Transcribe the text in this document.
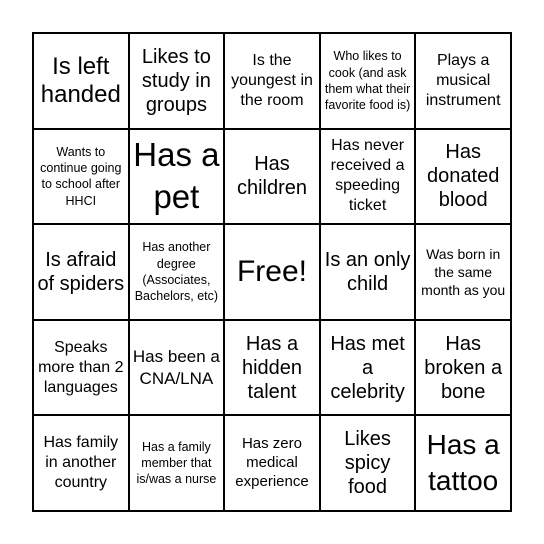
Is left handed
Likes to study in groups
Is the youngest in the room
Who likes to cook (and ask them what their favorite food is)
Plays a musical instrument
Wants to continue going to school after HHCI
Has a pet
Has children
Has never received a speeding ticket
Has donated blood
Is afraid of spiders
Has another degree (Associates, Bachelors, etc)
Free! Is an only child
Was born in the same month as you
Speaks more than 2 languages
Has been a CNA/LNA
Has a hidden talent
Has met a celebrity
Has broken a bone
Has family in another country
Has a family member that is/was a nurse
Has zero medical experience
Likes spicy food
Has a tattoo
